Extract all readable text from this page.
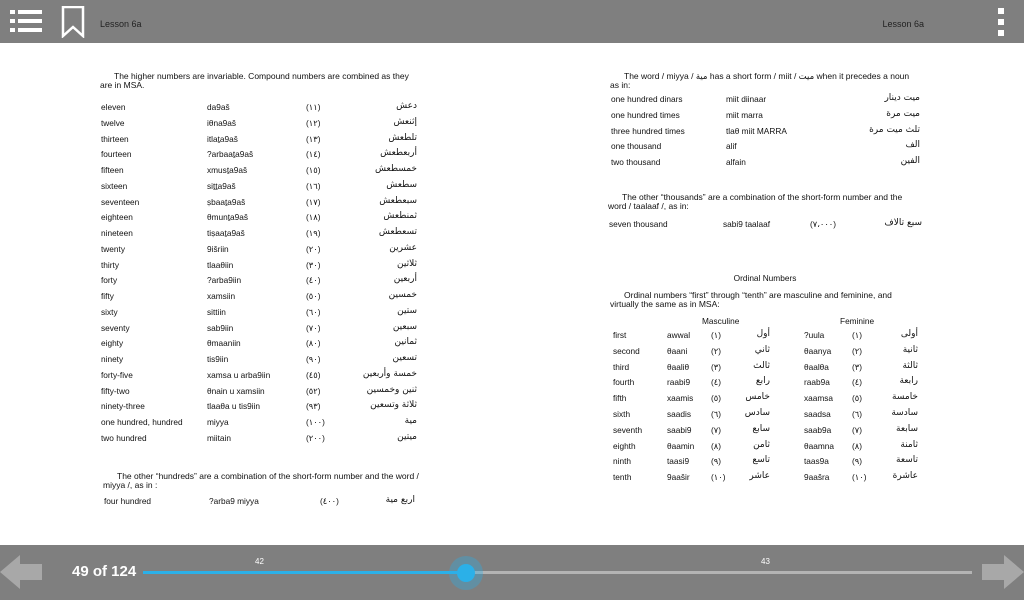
Lesson 6a	Lesson 6a
The higher numbers are invariable. Compound numbers are combined as they are in MSA.
eleven	da9aš	(١١)	دعش
twelve	iθna9aš	(١٢)	إثنعش
thirteen	itlaṯa9aš	(١٣)	تلطعش
fourteen	?arbaaṯa9aš	(١٤)	أربعطعش
fifteen	xmusṯa9aš	(١٥)	خمسطعش
sixteen	siṯṯa9aš	(١٦)	سطعش
seventeen	ṣbaaṯa9aš	(١٧)	سبعطعش
eighteen	θmunṯa9aš	(١٨)	ثمنطعش
nineteen	tiṣaaṯa9aš	(١٩)	تسعطعش
twenty	9išriin	(٢٠)	عشرين
thirty	tlaaθiin	(٣٠)	ثلاثين
forty	?arba9iin	(٤٠)	أربعين
fifty	xamsiin	(٥٠)	خمسين
sixty	sittiin	(٦٠)	ستين
seventy	sab9iin	(٧٠)	سبعين
eighty	θmaaniin	(٨٠)	ثمانين
ninety	tis9iin	(٩٠)	تسعين
forty-five	xamsa u arba9iin	(٤٥)	خمسة وأربعين
fifty-two	θnain u xamsiin	(٥٢)	ثنين وخمسين
ninety-three	tlaaθa u tis9iin	(٩٣)	ثلاثة وتسعين
one hundred, hundred	miyya	(١٠٠)	مية
two hundred	miitain	(٢٠٠)	ميتين
The other “hundreds” are a combination of the short-form number and the word / miyya /, as in :
four hundred	?arba9 miyya	(٤٠٠)	اربع مية
The word / miyya / مية has a short form / miit / ميت when it precedes a noun as in:
one hundred dinars	miit diinaar	ميت دينار
one hundred times	miit marra	ميت مرة
three hundred times	tlaθ miit MARRA	تلث ميت مرة
one thousand	alif	الف
two thousand	alfain	الفين
The other “thousands” are a combination of the short-form number and the word / taalaaf /, as in:
seven thousand	sabi9 taalaaf	(٧،٠٠٠)	سبع تالاف
Ordinal Numbers
Ordinal numbers “first” through “tenth” are masculine and feminine, and virtually the same as in MSA:
Masculine	Feminine
first	awwal	(١)	أول	?uula	(١)	أولى
second	θaani	(٢)	ثاني	θaanya	(٢)	ثانية
third	θaaliθ	(٣)	ثالث	θaalθa	(٣)	ثالثة
fourth	raabi9	(٤)	رابع	raab9a	(٤)	رابعة
fifth	xaamis (٥)	خامس	xaamsa (٥)	خامسة
sixth	saadis (٦)	سادس	saadsa	(٦)	سادسة
seventh	saabi9 (٧)	سابع	saab9a	(٧)	سابعة
eighth	θaamin (٨)	ثامن	θaamna (٨)	ثامنة
ninth	taasi9	(٩)	تاسع	taas9a	(٩)	تاسعة
tenth	9aašir	(١٠)	عاشر	9aašra	(١٠)	عاشرة
49 of 124
42	43
